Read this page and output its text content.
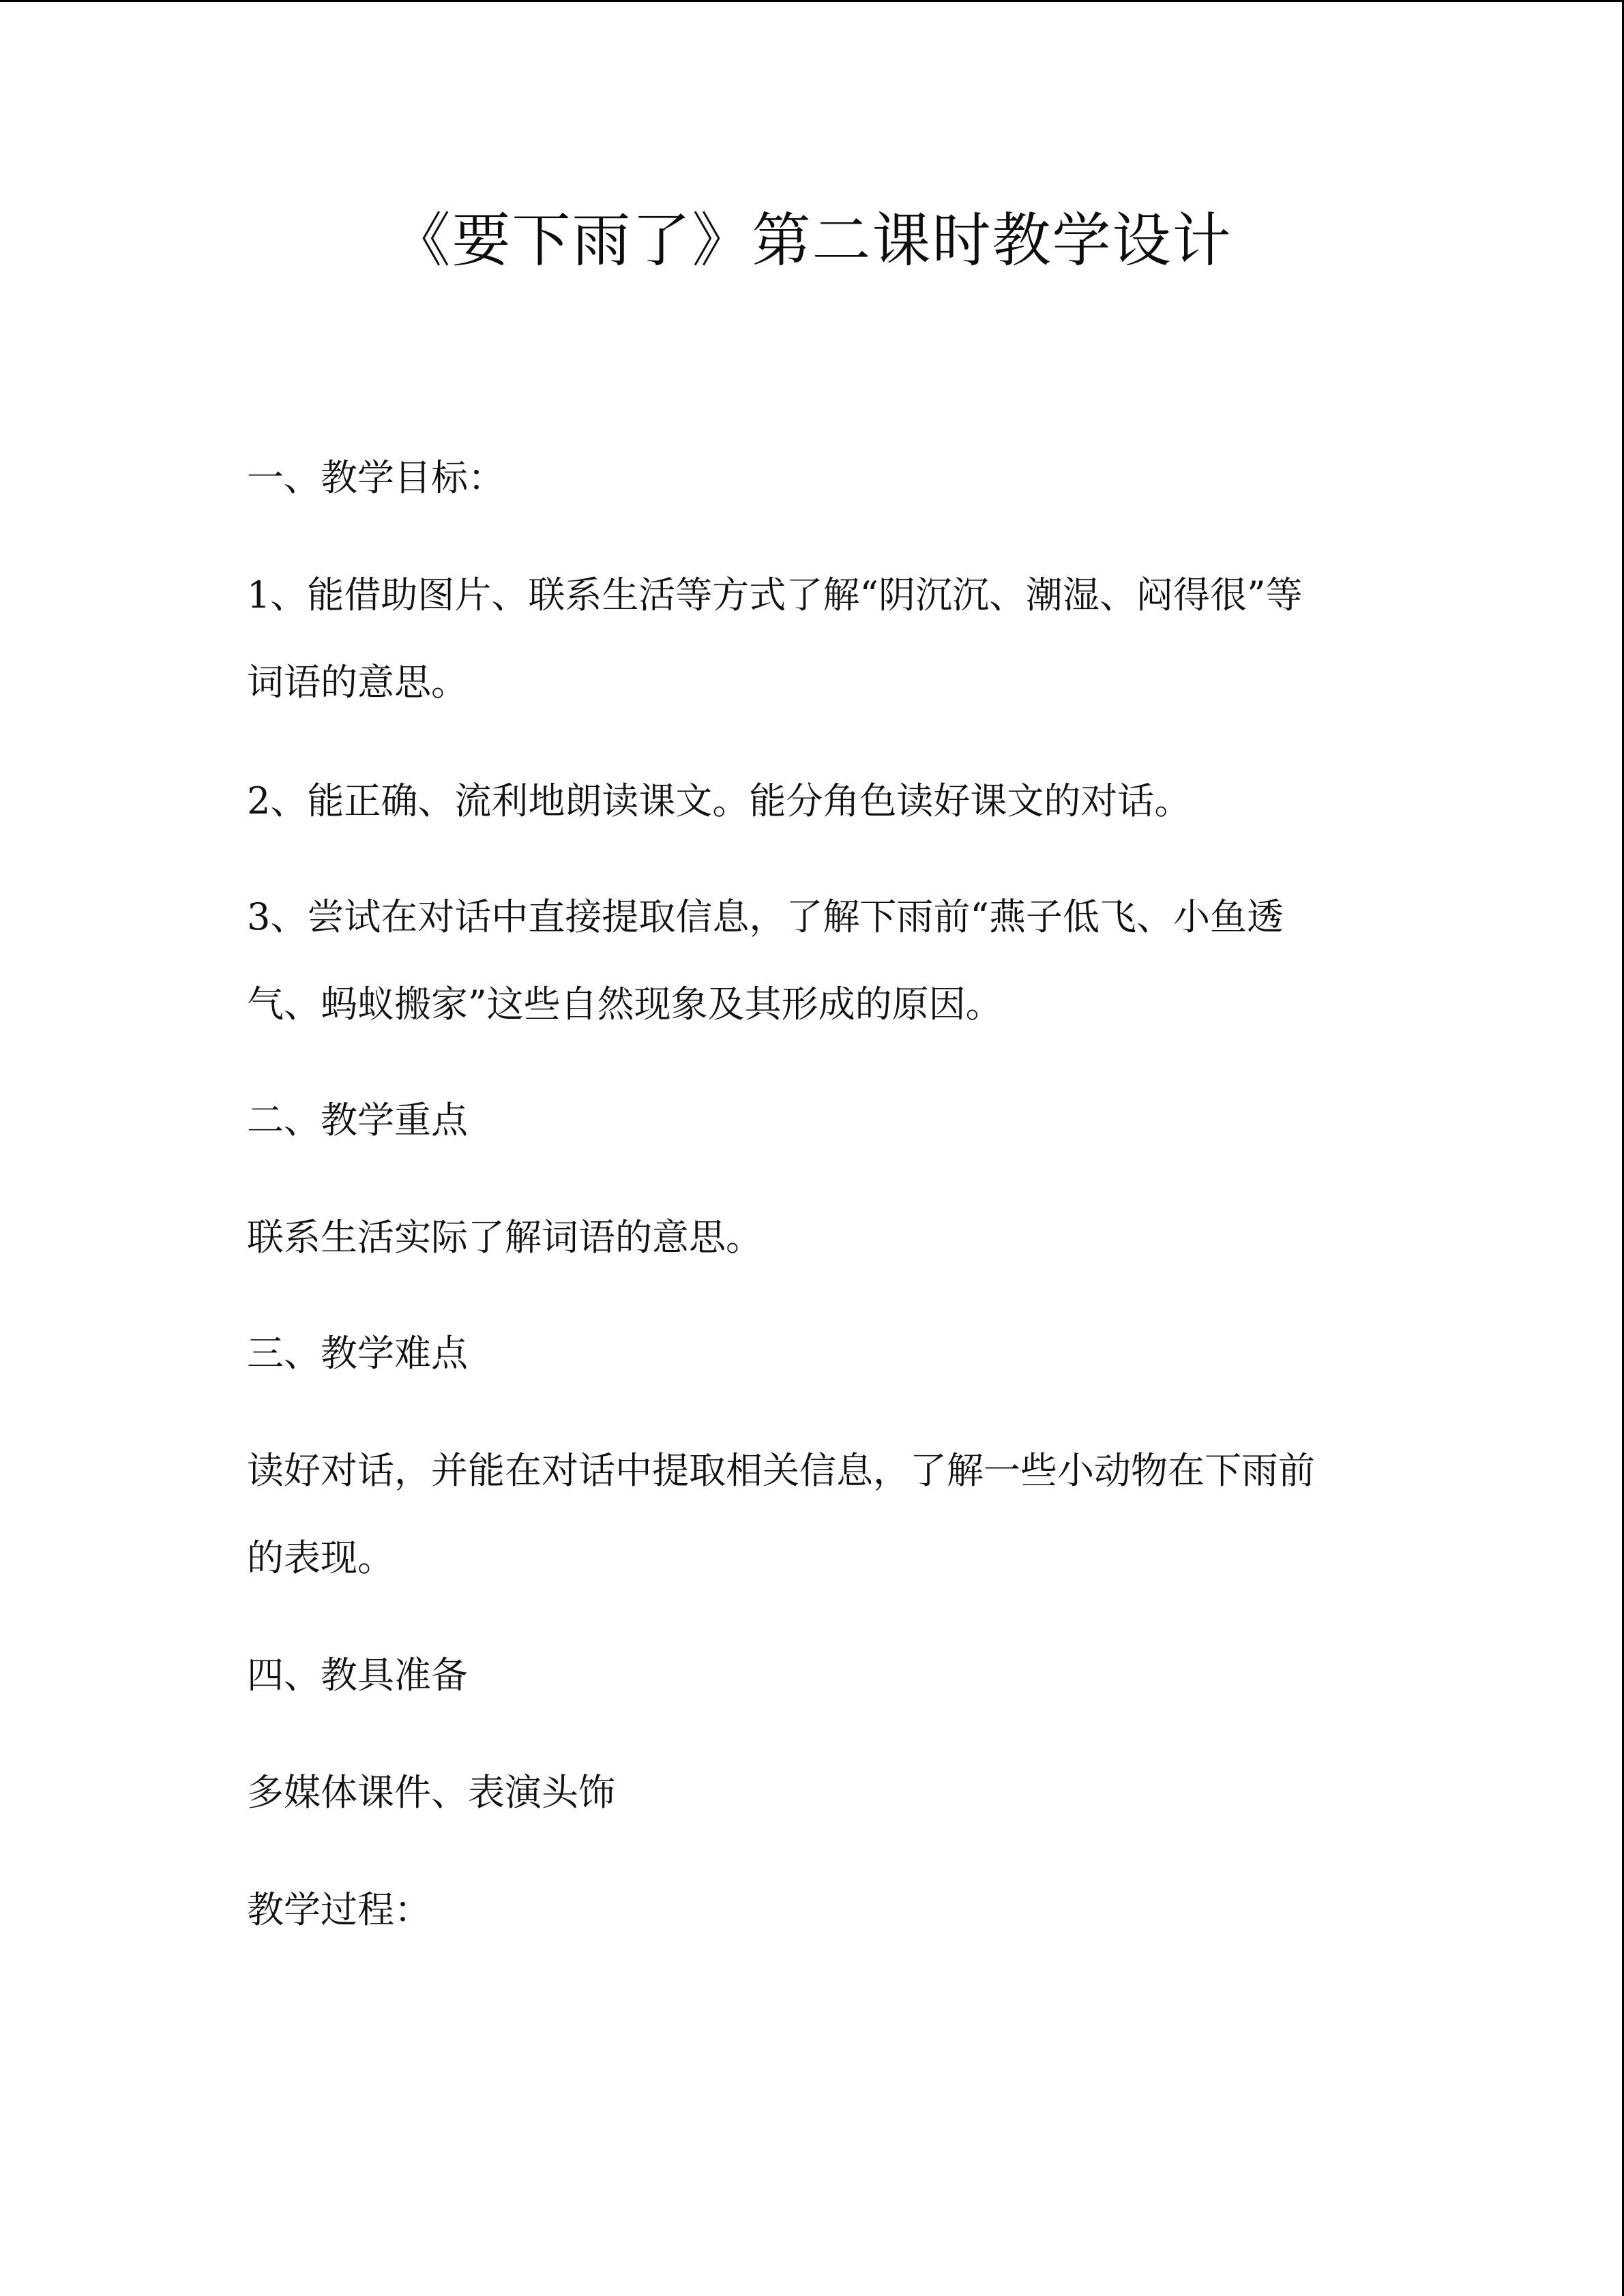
《要下雨了》第二课时教学设计
一、教学目标：
1、能借助图片、联系生活等方式了解“阴沉沉、潮湿、闷得很”等
词语的意思。
2、能正确、流利地朗读课文。能分角色读好课文的对话。
3、尝试在对话中直接提取信息，了解下雨前“燕子低飞、小鱼透
气、蚂蚁搬家”这些自然现象及其形成的原因。
二、教学重点
联系生活实际了解词语的意思。
三、教学难点
读好对话，并能在对话中提取相关信息，了解一些小动物在下雨前
的表现。
四、教具准备
多媒体课件、表演头饰
教学过程：
